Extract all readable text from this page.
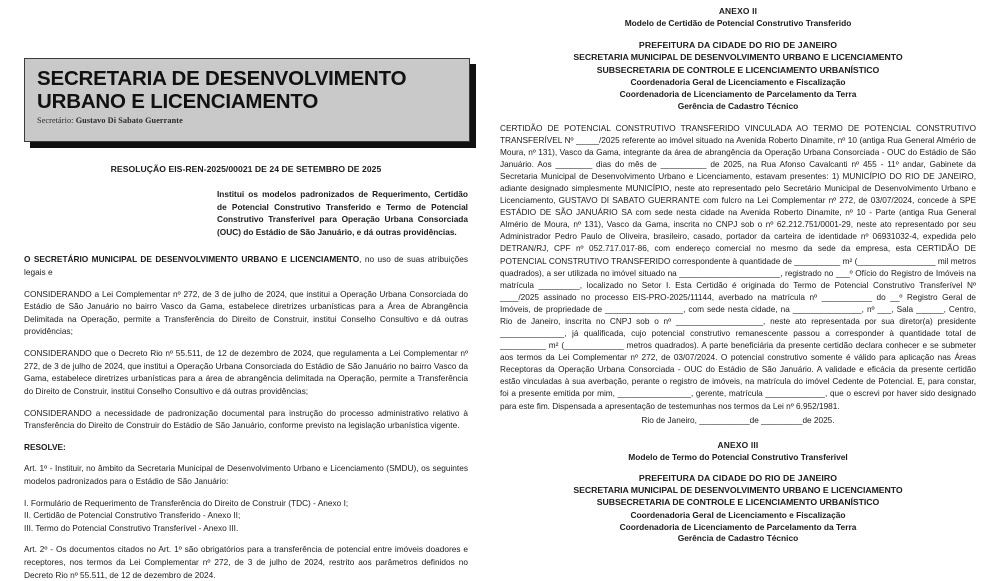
SECRETARIA DE DESENVOLVIMENTO URBANO E LICENCIAMENTO
Secretário: Gustavo Di Sabato Guerrante
RESOLUÇÃO EIS-REN-2025/00021 DE 24 DE SETEMBRO DE 2025
Institui os modelos padronizados de Requerimento, Certidão de Potencial Construtivo Transferido e Termo de Potencial Construtivo Transferível para Operação Urbana Consorciada (OUC) do Estádio de São Januário, e dá outras providências.

O SECRETÁRIO MUNICIPAL DE DESENVOLVIMENTO URBANO E LICENCIAMENTO, no uso de suas atribuições legais e

CONSIDERANDO a Lei Complementar nº 272, de 3 de julho de 2024, que institui a Operação Urbana Consorciada do Estádio de São Januário no bairro Vasco da Gama, estabelece diretrizes urbanísticas para a Área de Abrangência Delimitada na Operação, permite a Transferência do Direito de Construir, institui Conselho Consultivo e dá outras providências;

CONSIDERANDO que o Decreto Rio nº 55.511, de 12 de dezembro de 2024, que regulamenta a Lei Complementar nº 272, de 3 de julho de 2024, que institui a Operação Urbana Consorciada do Estádio de São Januário no bairro Vasco da Gama, estabelece diretrizes urbanísticas para a área de abrangência delimitada na Operação, permite a Transferência do Direito de Construir, institui Conselho Consultivo e dá outras providências;

CONSIDERANDO a necessidade de padronização documental para instrução do processo administrativo relativo à Transferência do Direito de Construir do Estádio de São Januário, conforme previsto na legislação urbanística vigente.

RESOLVE:

Art. 1º - Instituir, no âmbito da Secretaria Municipal de Desenvolvimento Urbano e Licenciamento (SMDU), os seguintes modelos padronizados para o Estádio de São Januário:

I. Formulário de Requerimento de Transferência do Direito de Construir (TDC) - Anexo I;

II. Certidão de Potencial Construtivo Transferido - Anexo II;

III. Termo do Potencial Construtivo Transferível - Anexo III.

Art. 2º - Os documentos citados no Art. 1º são obrigatórios para a transferência de potencial entre imóveis doadores e receptores, nos termos da Lei Complementar nº 272, de 3 de julho de 2024, restrito aos parâmetros definidos no Decreto Rio nº 55.511, de 12 de dezembro de 2024.

ANEXO II

Modelo de Certidão de Potencial Construtivo Transferido

PREFEITURA DA CIDADE DO RIO DE JANEIRO

SECRETARIA MUNICIPAL DE DESENVOLVIMENTO URBANO E LICENCIAMENTO

SUBSECRETARIA DE CONTROLE E LICENCIAMENTO URBANÍSTICO

Coordenadoria Geral de Licenciamento e Fiscalização

Coordenadoria de Licenciamento de Parcelamento da Terra

Gerência de Cadastro Técnico

CERTIDÃO DE POTENCIAL CONSTRUTIVO TRANSFERIDO VINCULADA AO TERMO DE POTENCIAL CONSTRUTIVO TRANSFERÍVEL Nº _____/2025 referente ao imóvel situado na Avenida Roberto Dinamite, nº 10 (antiga Rua General Almério de Moura, nº 131), Vasco da Gama, integrante da área de abrangência da Operação Urbana Consorciada - OUC do Estádio de São Januário. Aos ________ dias do mês de __________ de 2025, na Rua Afonso Cavalcanti nº 455 - 11º andar, Gabinete da Secretaria Municipal de Desenvolvimento Urbano e Licenciamento, estavam presentes: 1) MUNICÍPIO DO RIO DE JANEIRO, adiante designado simplesmente MUNICÍPIO, neste ato representado pelo Secretário Municipal de Desenvolvimento Urbano e Licenciamento, GUSTAVO DI SABATO GUERRANTE com fulcro na Lei Complementar nº 272, de 03/07/2024, concede à SPE ESTÁDIO DE SÃO JANUÁRIO SA com sede nesta cidade na Avenida Roberto Dinamite, nº 10 - Parte (antiga Rua General Almério de Moura, nº 131), Vasco da Gama, inscrita no CNPJ sob o nº 62.212.751/0001-29, neste ato representado por seu Administrador Pedro Paulo de Oliveira, brasileiro, casado, portador da carteira de identidade nº 06931032-4, expedida pelo DETRAN/RJ, CPF nº 052.717.017-86, com endereço comercial no mesmo da sede da empresa, esta CERTIDÃO DE POTENCIAL CONSTRUTIVO TRANSFERIDO correspondente à quantidade de __________ m² (_________________ mil metros quadrados), a ser utilizada no imóvel situado na ______________________, registrado no ___º Ofício do Registro de Imóveis na matrícula _________, localizado no Setor I. Esta Certidão é originada do Termo de Potencial Construtivo Transferível Nº ____/2025 assinado no processo EIS-PRO-2025/11144, averbado na matrícula nº ___________ do __º Registro Geral de Imóveis, de propriedade de _________________, com sede nesta cidade, na _______________, nº ___, Sala ______, Centro, Rio de Janeiro, inscrita no CNPJ sob o nº ___________________, neste ato representada por sua diretor(a) presidente ______________, já qualificada, cujo potencial construtivo remanescente passou a corresponder à quantidade total de __________ m² (_____________ metros quadrados). A parte beneficiária da presente certidão declara conhecer e se submeter aos termos da Lei Complementar nº 272, de 03/07/2024. O potencial construtivo somente é válido para aplicação nas Áreas Receptoras da Operação Urbana Consorciada - OUC do Estádio de São Januário. A validade e eficácia da presente certidão estão vinculadas à sua averbação, perante o registro de imóveis, na matrícula do imóvel Cedente de Potencial. E, para constar, foi a presente emitida por mim, ________________, gerente, matrícula _____________, que o escrevi por haver sido designado para este fim. Dispensada a apresentação de testemunhas nos termos da Lei nº 6.952/1981.

Rio de Janeiro, ___________de _________de 2025.

ANEXO III

Modelo de Termo do Potencial Construtivo Transferivel

PREFEITURA DA CIDADE DO RIO DE JANEIRO

SECRETARIA MUNICIPAL DE DESENVOLVIMENTO URBANO E LICENCIAMENTO

SUBSECRETARIA DE CONTROLE E LICENCIAMENTO URBANÍSTICO

Coordenadoria Geral de Licenciamento e Fiscalização

Coordenadoria de Licenciamento de Parcelamento da Terra

Gerência de Cadastro Técnico
